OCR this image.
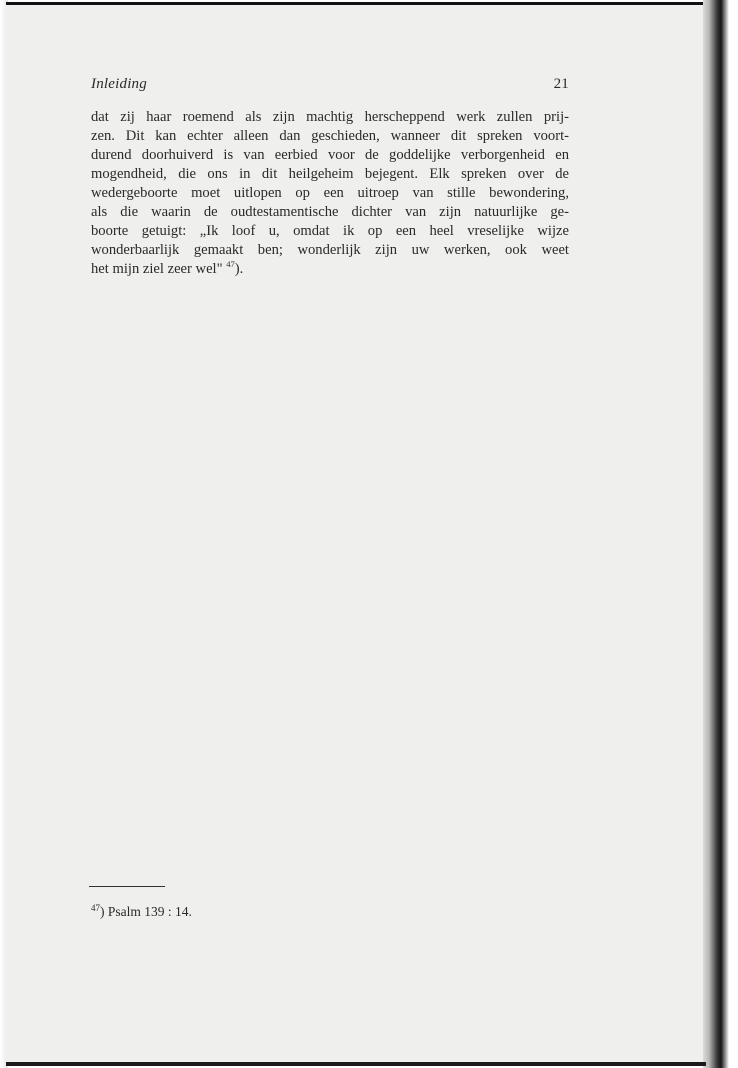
Inleiding	21
dat zij haar roemend als zijn machtig herscheppend werk zullen prij-
zen. Dit kan echter alleen dan geschieden, wanneer dit spreken voort-
durend doorhuiverd is van eerbied voor de goddelijke verborgenheid en
mogendheid, die ons in dit heilgeheim bejegent. Elk spreken over de
wedergeboorte moet uitlopen op een uitroep van stille bewondering,
als die waarin de oudtestamentische dichter van zijn natuurlijke ge-
boorte getuigt: „Ik loof u, omdat ik op een heel vreselijke wijze
wonderbaarlijk gemaakt ben; wonderlijk zijn uw werken, ook weet
het mijn ziel zeer wel" $^{47}$).
$^{47}$) Psalm 139 : 14.
